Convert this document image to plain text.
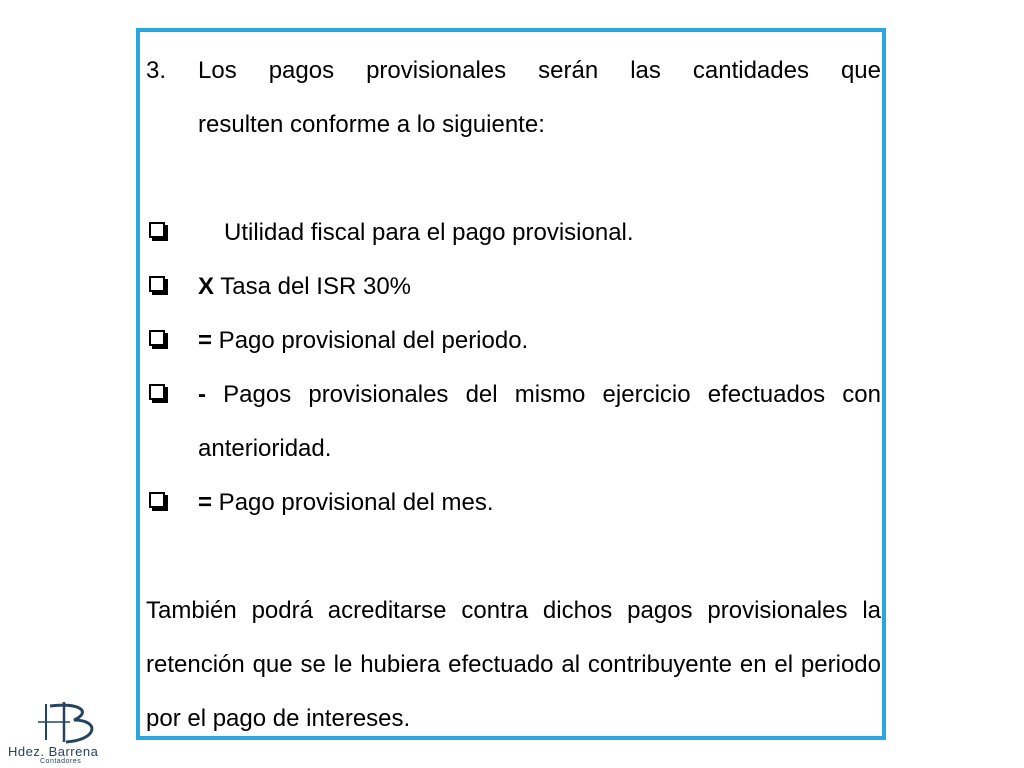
3. Los pagos provisionales serán las cantidades que
resulten conforme a lo siguiente:
Utilidad fiscal para el pago provisional.
X Tasa del ISR 30%
= Pago provisional del periodo.
- Pagos provisionales del mismo ejercicio efectuados con anterioridad.
= Pago provisional del mes.
También podrá acreditarse contra dichos pagos provisionales la retención que se le hubiera efectuado al contribuyente en el periodo por el pago de intereses.
Hdez. Barrena
Contadores
